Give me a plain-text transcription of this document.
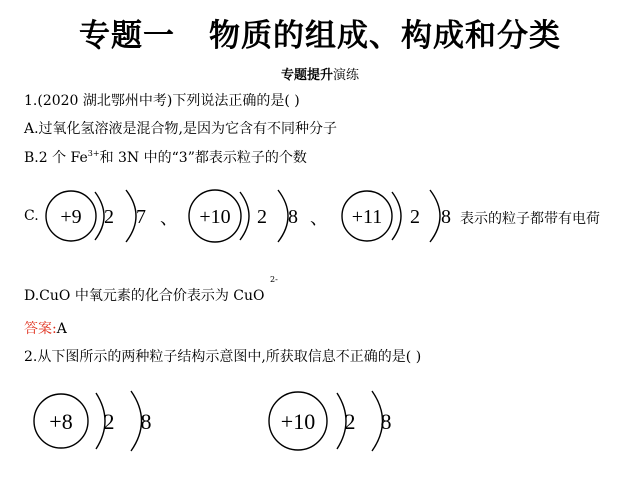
专题一 物质的组成、构成和分类
专题提升演练
1.(2020 湖北鄂州中考)下列说法正确的是( )
A.过氧化氢溶液是混合物,是因为它含有不同种分子
B.2 个 $Fe^{3+}$和 3N 中的“3”都表示粒子的个数
C.	、	、	表示的粒子都带有电荷
+9 2 7	+10 2 8	+11 2 8
2-
D.CuO 中氧元素的化合价表示为 CuO
答案:A
2.从下图所示的两种粒子结构示意图中,所获取信息不正确的是( )
+8 2 8	+10 2 8
